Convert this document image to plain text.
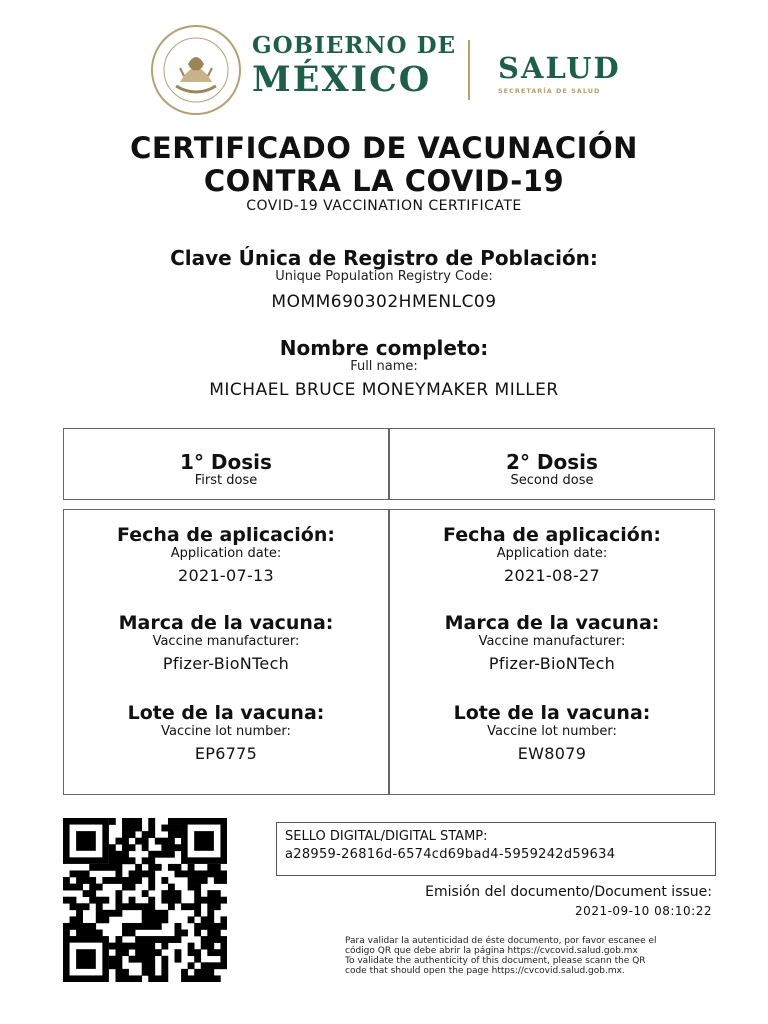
GOBIERNO DE
MÉXICO	SALUD
SECRETARÍA DE SALUD
CERTIFICADO DE VACUNACIÓN
CONTRA LA COVID-19
COVID-19 VACCINATION CERTIFICATE
Clave Única de Registro de Población:
Unique Population Registry Code:
MOMM690302HMENLC09
Nombre completo:
Full name:
MICHAEL BRUCE MONEYMAKER MILLER
1° Dosis
First dose
2° Dosis
Second dose
Fecha de aplicación:
Application date:
2021-07-13
Marca de la vacuna:
Vaccine manufacturer:
Pfizer-BioNTech
Lote de la vacuna:
Vaccine lot number:
EP6775
Fecha de aplicación:
Application date:
2021-08-27
Marca de la vacuna:
Vaccine manufacturer:
Pfizer-BioNTech
Lote de la vacuna:
Vaccine lot number:
EW8079
SELLO DIGITAL/DIGITAL STAMP:
a28959-26816d-6574cd69bad4-5959242d59634
Emisión del documento/Document issue:
2021-09-10 08:10:22
Para validar la autenticidad de éste documento, por favor escanee el
código QR que debe abrir la página https://cvcovid.salud.gob.mx
To validate the authenticity of this document, please scann the QR
code that should open the page https://cvcovid.salud.gob.mx.
